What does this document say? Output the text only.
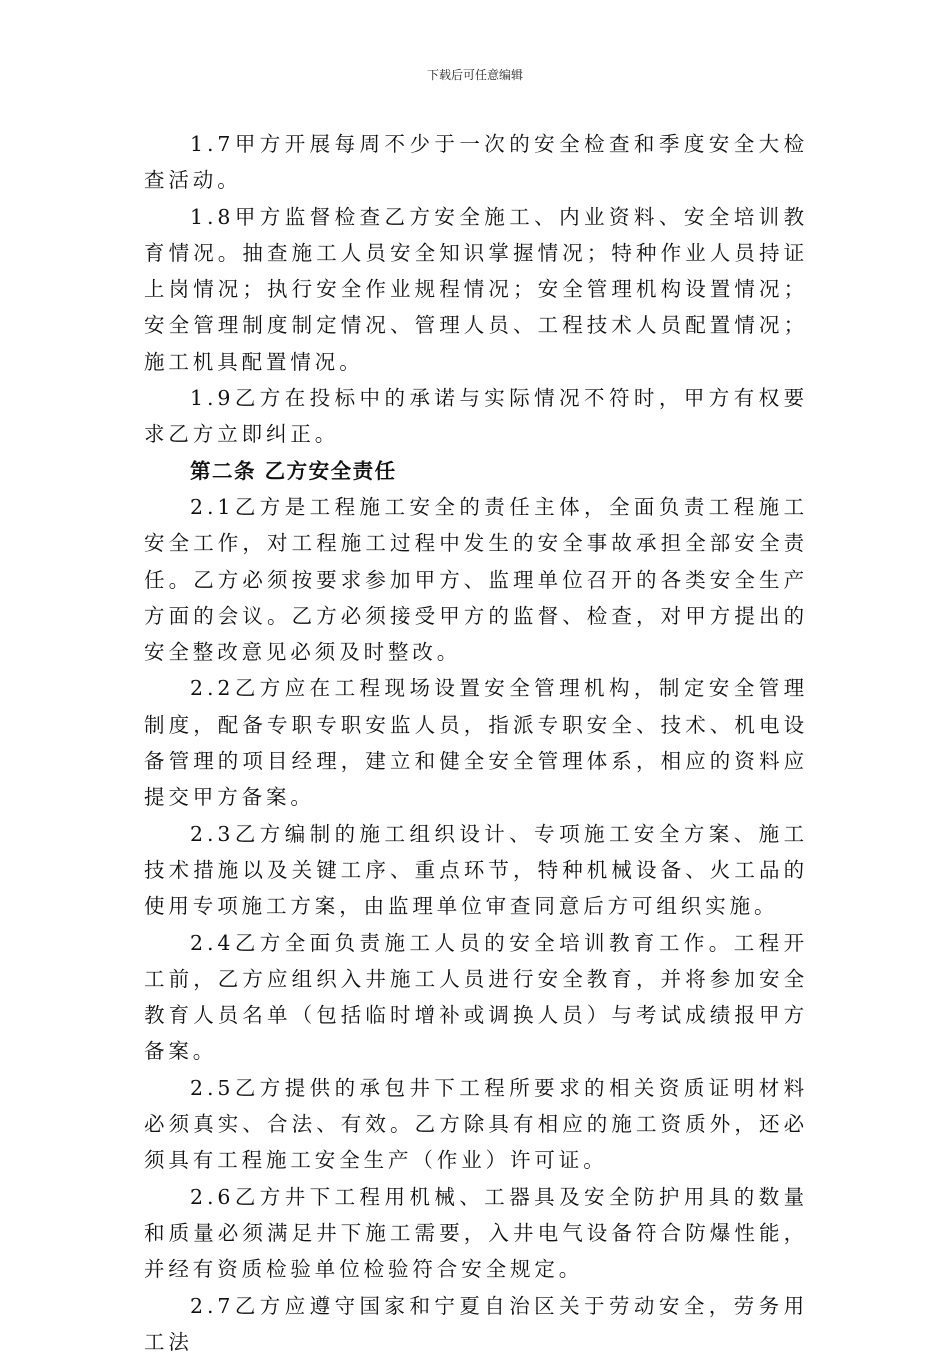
下载后可任意编辑

1.7甲方开展每周不少于一次的安全检查和季度安全大检查活动。

1.8甲方监督检查乙方安全施工、内业资料、安全培训教育情况。抽查施工人员安全知识掌握情况；特种作业人员持证上岗情况；执行安全作业规程情况；安全管理机构设置情况；安全管理制度制定情况、管理人员、工程技术人员配置情况；施工机具配置情况。

1.9乙方在投标中的承诺与实际情况不符时，甲方有权要求乙方立即纠正。

第二条 乙方安全责任

2.1乙方是工程施工安全的责任主体，全面负责工程施工安全工作，对工程施工过程中发生的安全事故承担全部安全责任。乙方必须按要求参加甲方、监理单位召开的各类安全生产方面的会议。乙方必须接受甲方的监督、检查，对甲方提出的安全整改意见必须及时整改。

2.2乙方应在工程现场设置安全管理机构，制定安全管理制度，配备专职专职安监人员，指派专职安全、技术、机电设备管理的项目经理，建立和健全安全管理体系，相应的资料应提交甲方备案。

2.3乙方编制的施工组织设计、专项施工安全方案、施工技术措施以及关键工序、重点环节，特种机械设备、火工品的使用专项施工方案，由监理单位审查同意后方可组织实施。

2.4乙方全面负责施工人员的安全培训教育工作。工程开工前，乙方应组织入井施工人员进行安全教育，并将参加安全教育人员名单（包括临时增补或调换人员）与考试成绩报甲方备案。

2.5乙方提供的承包井下工程所要求的相关资质证明材料必须真实、合法、有效。乙方除具有相应的施工资质外，还必须具有工程施工安全生产（作业）许可证。

2.6乙方井下工程用机械、工器具及安全防护用具的数量和质量必须满足井下施工需要，入井电气设备符合防爆性能，并经有资质检验单位检验符合安全规定。

2.7乙方应遵守国家和宁夏自治区关于劳动安全，劳务用工法
